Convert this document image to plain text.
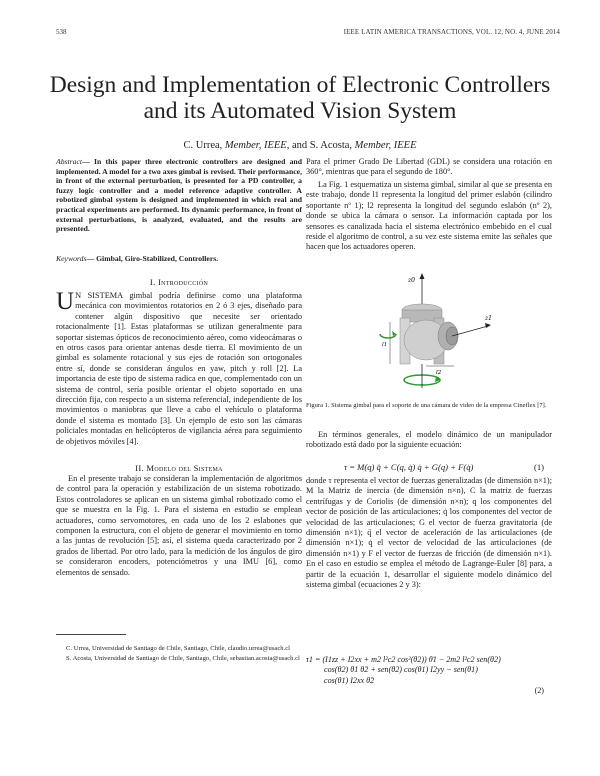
538	IEEE LATIN AMERICA TRANSACTIONS, VOL. 12, NO. 4, JUNE 2014
Design and Implementation of Electronic Controllers and its Automated Vision System
C. Urrea, Member, IEEE, and S. Acosta, Member, IEEE
Abstract— In this paper three electronic controllers are designed and implemented. A model for a two axes gimbal is revised. Their performance, in front of the external perturbation, is presented for a PD controller, a fuzzy logic controller and a model reference adaptive controller. A robotized gimbal system is designed and implemented in which real and practical experiments are performed. Its dynamic performance, in front of external perturbations, is analyzed, evaluated, and the results are presented.
Keywords— Gimbal, Giro-Stabilized, Controllers.
I. Introducción
U N SISTEMA gimbal podría definirse como una plataforma mecánica con movimientos rotatorios en 2 ó 3 ejes, diseñado para contener algún dispositivo que necesite ser orientado rotacionalmente [1]. Estas plataformas se utilizan generalmente para soportar sistemas ópticos de reconocimiento aéreo, como videocámaras o en otros casos para orientar antenas desde tierra. El movimiento de un gimbal es solamente rotacional y sus ejes de rotación son ortogonales entre sí, donde se consideran ángulos en yaw, pitch y roll [2]. La importancia de este tipo de sistema radica en que, complementado con un sistema de control, sería posible orientar el objeto soportado en una dirección fija, con respecto a un sistema referencial, independiente de los movimientos o maniobras que lleve a cabo el vehículo o plataforma donde el sistema es montado [3]. Un ejemplo de esto son las cámaras policiales montadas en helicópteros de vigilancia aérea para seguimiento de objetivos móviles [4].
II. Modelo del Sistema
En el presente trabajo se consideran la implementación de algoritmos de control para la operación y estabilización de un sistema robotizado. Estos controladores se aplican en un sistema gimbal robotizado como el que se muestra en la Fig. 1. Para el sistema en estudio se emplean actuadores, como servomotores, en cada uno de los 2 eslabones que componen la estructura, con el objeto de generar el movimiento en torno a las juntas de revolución [5]; así, el sistema queda caracterizado por 2 grados de libertad. Por otro lado, para la medición de los ángulos de giro se consideraron encoders, potenciómetros y una IMU [6], como elementos de sensado.

C. Urrea, Universidad de Santiago de Chile, Santiago, Chile, claudio.urrea@usach.cl

S. Acosta, Universidad de Santiago de Chile, Santiago, Chile, sebastian.acosta@usach.cl

Para el primer Grado De Libertad (GDL) se considera una rotación en 360°, mientras que para el segundo de 180°.
La Fig. 1 esquematiza un sistema gimbal, similar al que se presenta en este trabajo, donde l1 representa la longitud del primer eslabón (cilindro soportante nº 1); l2 representa la longitud del segundo eslabón (nº 2), donde se ubica la cámara o sensor. La información captada por los sensores es canalizada hacia el sistema electrónico embebido en el cual reside el algoritmo de control, a su vez este sistema emite las señales que hacen que los actuadores operen.
z0
z1
l1
l2
Figura 1. Sistema gimbal para el soporte de una cámara de video de la empresa Cineflex [7].
En términos generales, el modelo dinámico de un manipulador robotizado está dado por la siguiente ecuación:
τ = M(q) q̈ + C(q, q̇) q̇ + G(q) + F(q̇)	(1)
donde τ representa el vector de fuerzas generalizadas (de dimensión n×1); M la Matriz de inercia (de dimensión n×n), C la matriz de fuerzas centrífugas y de Coriolis (de dimensión n×n); q los componentes del vector de posición de las articulaciones; q̇ los componentes del vector de velocidad de las articulaciones; G el vector de fuerza gravitatoria (de dimensión n×1); q̈ el vector de aceleración de las articulaciones (de dimensión n×1); q̇ el vector de velocidad de las articulaciones (de dimensión n×1) y F el vector de fuerzas de fricción (de dimensión n×1). En el caso en estudio se emplea el método de Lagrange-Euler [8] para, a partir de la ecuación 1, desarrollar el siguiente modelo dinámico del sistema gimbal (ecuaciones 2 y 3):
τ1 = (I1zz + I2xx + m2 l²c2 cos²(θ2)) θ̈1 − 2m2 l²c2 sen(θ2)
cos(θ2) θ̇1 θ̇2 + sen(θ2) cos(θ1) I2yy − sen(θ1)
cos(θ1) I2xx θ̈2
(2)
